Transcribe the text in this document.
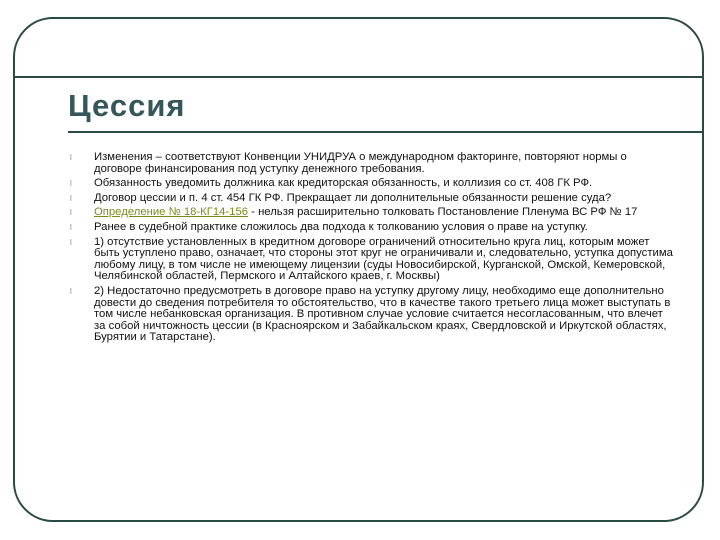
Цессия
l Изменения – соответствуют Конвенции УНИДРУА о международном факторинге, повторяют нормы о договоре финансирования под уступку денежного требования.
l Обязанность уведомить должника как кредиторская обязанность, и коллизия со ст. 408 ГК РФ.
l Договор цессии и п. 4 ст. 454 ГК РФ. Прекращает ли дополнительные обязанности решение суда?
l Определение № 18-КГ14-156 - нельзя расширительно толковать Постановление Пленума ВС РФ № 17
l Ранее в судебной практике сложилось два подхода к толкованию условия о праве на уступку.
l 1) отсутствие установленных в кредитном договоре ограничений относительно круга лиц, которым может быть уступлено право, означает, что стороны этот круг не ограничивали и, следовательно, уступка допустима любому лицу, в том числе не имеющему лицензии (суды Новосибирской, Курганской, Омской, Кемеровской, Челябинской областей, Пермского и Алтайского краев, г. Москвы)
l 2) Недостаточно предусмотреть в договоре право на уступку другому лицу, необходимо еще дополнительно довести до сведения потребителя то обстоятельство, что в качестве такого третьего лица может выступать в том числе небанковская организация. В противном случае условие считается несогласованным, что влечет за собой ничтожность цессии (в Красноярском и Забайкальском краях, Свердловской и Иркутской областях, Бурятии и Татарстане).
